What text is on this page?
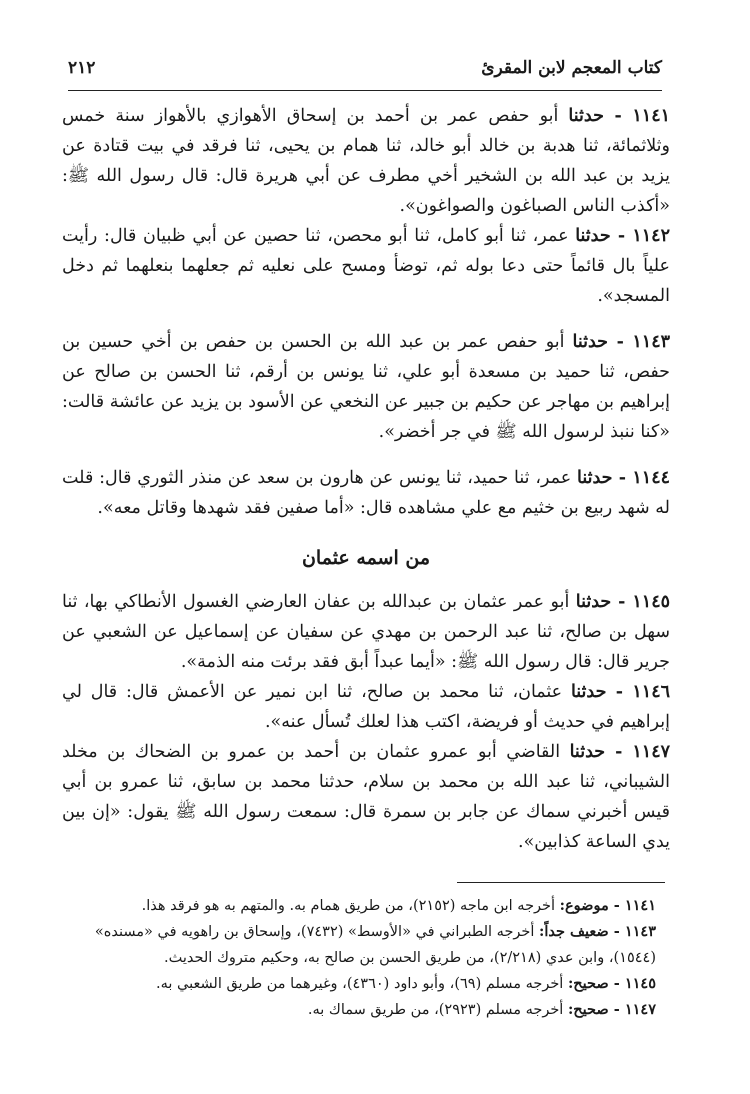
كتاب المعجم لابن المقرئ
٢١٢

١١٤١ - حدثنا أبو حفص عمر بن أحمد بن إسحاق الأهوازي بالأهواز سنة خمس وثلاثمائة، ثنا هدبة بن خالد أبو خالد، ثنا همام بن يحيى، ثنا فرقد في بيت قتادة عن يزيد بن عبد الله بن الشخير أخي مطرف عن أبي هريرة قال: قال رسول الله ﷺ: «أكذب الناس الصباغون والصواغون».

١١٤٢ - حدثنا عمر، ثنا أبو كامل، ثنا أبو محصن، ثنا حصين عن أبي ظبيان قال: رأيت علياً بال قائماً حتى دعا بوله ثم، توضأ ومسح على نعليه ثم جعلهما بنعلهما ثم دخل المسجد».

١١٤٣ - حدثنا أبو حفص عمر بن عبد الله بن الحسن بن حفص بن أخي حسين بن حفص، ثنا حميد بن مسعدة أبو علي، ثنا يونس بن أرقم، ثنا الحسن بن صالح عن إبراهيم بن مهاجر عن حكيم بن جبير عن النخعي عن الأسود بن يزيد عن عائشة قالت: «كنا ننبذ لرسول الله ﷺ في جر أخضر».

١١٤٤ - حدثنا عمر، ثنا حميد، ثنا يونس عن هارون بن سعد عن منذر الثوري قال: قلت له شهد ربيع بن خثيم مع علي مشاهده قال: «أما صفين فقد شهدها وقاتل معه».

من اسمه عثمان

١١٤٥ - حدثنا أبو عمر عثمان بن عبدالله بن عفان العارضي الغسول الأنطاكي بها، ثنا سهل بن صالح، ثنا عبد الرحمن بن مهدي عن سفيان عن إسماعيل عن الشعبي عن جرير قال: قال رسول الله ﷺ: «أيما عبداً أبق فقد برئت منه الذمة».

١١٤٦ - حدثنا عثمان، ثنا محمد بن صالح، ثنا ابن نمير عن الأعمش قال: قال لي إبراهيم في حديث أو فريضة، اكتب هذا لعلك تُسأل عنه».

١١٤٧ - حدثنا القاضي أبو عمرو عثمان بن أحمد بن عمرو بن الضحاك بن مخلد الشيباني، ثنا عبد الله بن محمد بن سلام، حدثنا محمد بن سابق، ثنا عمرو بن أبي قيس أخبرني سماك عن جابر بن سمرة قال: سمعت رسول الله ﷺ يقول: «إن بين يدي الساعة كذابين».

١١٤١ - موضوع: أخرجه ابن ماجه (٢١٥٢)، من طريق همام به. والمتهم به هو فرقد هذا.

١١٤٣ - ضعيف جداً: أخرجه الطبراني في «الأوسط» (٧٤٣٢)، وإسحاق بن راهويه في «مسنده» (١٥٤٤)، وابن عدي (٢/٢١٨)، من طريق الحسن بن صالح به، وحكيم متروك الحديث.

١١٤٥ - صحيح: أخرجه مسلم (٦٩)، وأبو داود (٤٣٦٠)، وغيرهما من طريق الشعبي به.

١١٤٧ - صحيح: أخرجه مسلم (٢٩٢٣)، من طريق سماك به.
